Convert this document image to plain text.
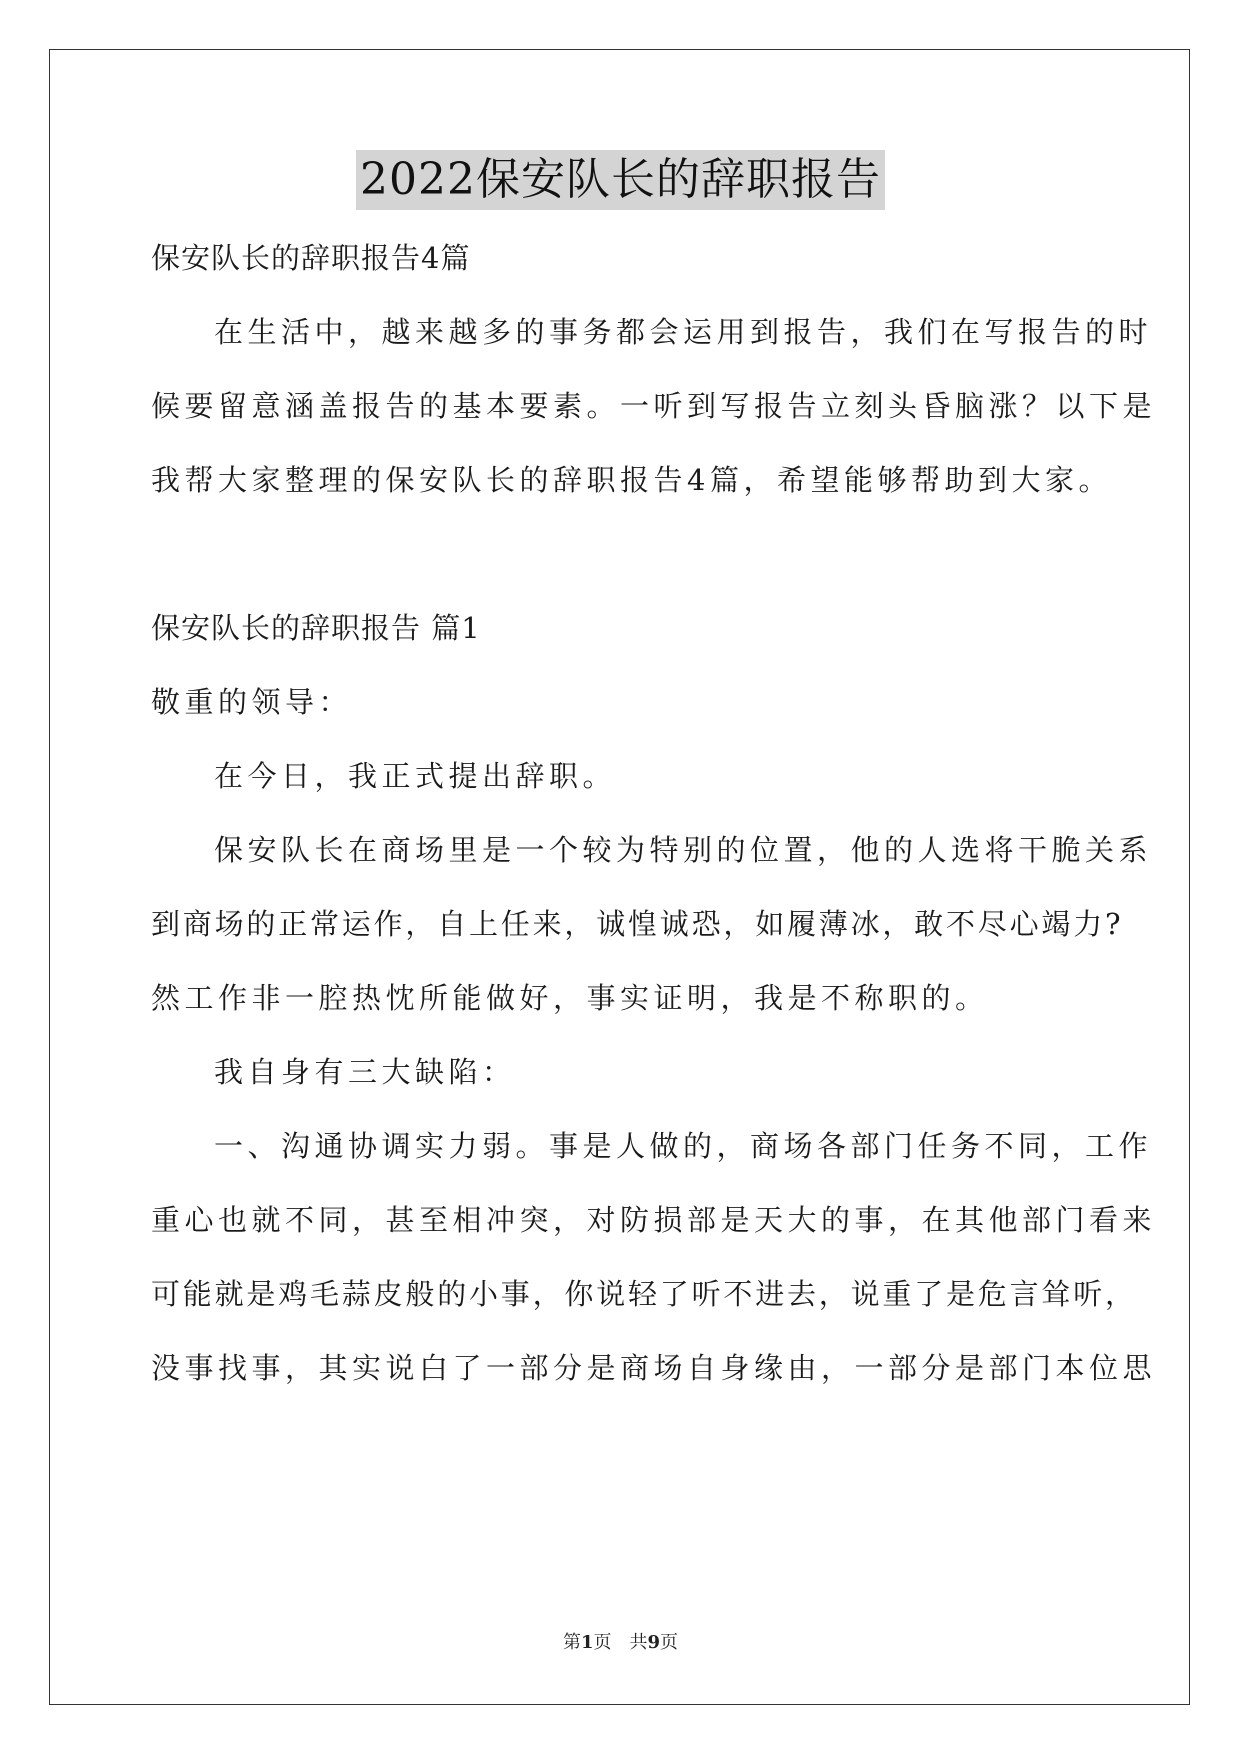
2022保安队长的辞职报告
保安队长的辞职报告4篇
在生活中，越来越多的事务都会运用到报告，我们在写报告的时
候要留意涵盖报告的基本要素。一听到写报告立刻头昏脑涨？以下是
我帮大家整理的保安队长的辞职报告4篇，希望能够帮助到大家。
保安队长的辞职报告 篇1
敬重的领导：
在今日，我正式提出辞职。
保安队长在商场里是一个较为特别的位置，他的人选将干脆关系
到商场的正常运作，自上任来，诚惶诚恐，如履薄冰，敢不尽心竭力?
然工作非一腔热忱所能做好，事实证明，我是不称职的。
我自身有三大缺陷：
一、沟通协调实力弱。事是人做的，商场各部门任务不同，工作
重心也就不同，甚至相冲突，对防损部是天大的事，在其他部门看来
可能就是鸡毛蒜皮般的小事，你说轻了听不进去，说重了是危言耸听，
没事找事，其实说白了一部分是商场自身缘由，一部分是部门本位思
第1页　共9页
